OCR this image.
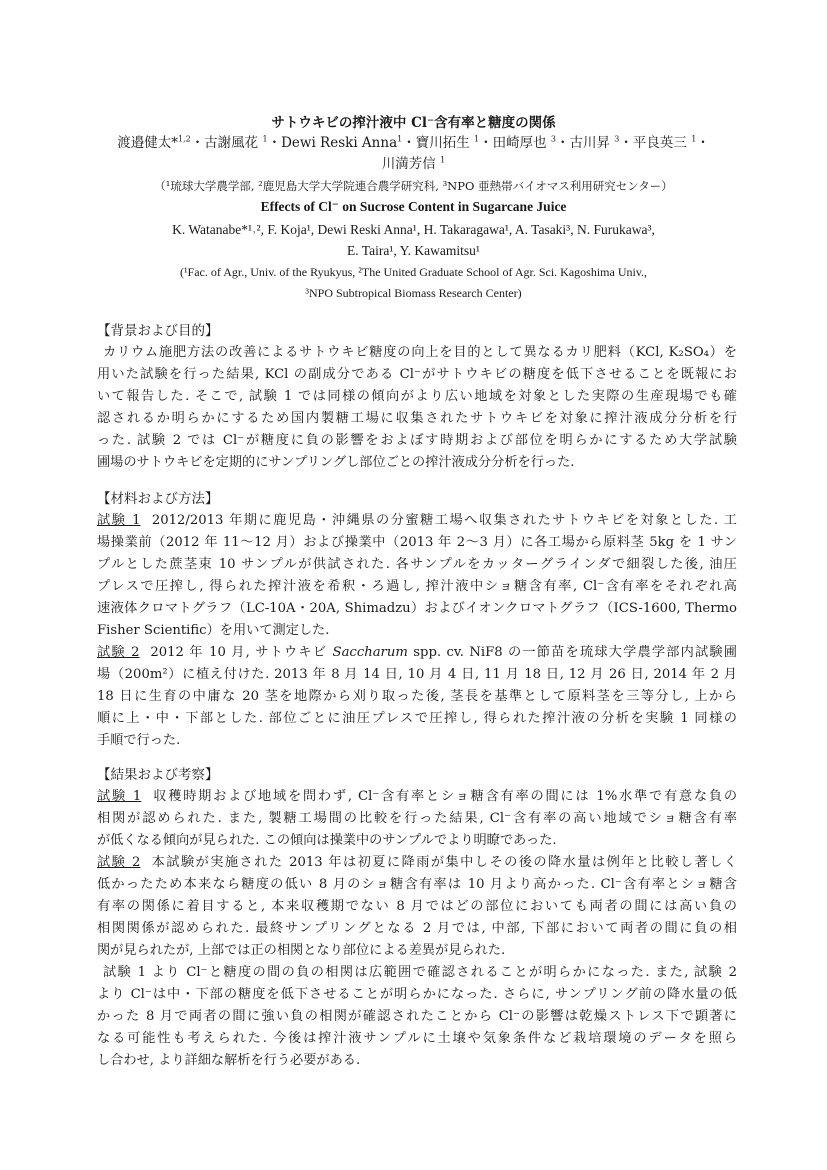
サトウキビの搾汁液中 Cl⁻含有率と糖度の関係
渡邉健太*$^{1,2}$・古謝風花 $^1$・Dewi Reski Anna$^1$・寶川拓生 $^1$・田崎厚也 $^3$・古川昇 $^3$・平良英三 $^1$・
川満芳信 $^1$
（¹琉球大学農学部, ²鹿児島大学大学院連合農学研究科, ³NPO 亜熱帯バイオマス利用研究センター）
Effects of Cl⁻ on Sucrose Content in Sugarcane Juice
K. Watanabe*¹˒², F. Koja¹, Dewi Reski Anna¹, H. Takaragawa¹, A. Tasaki³, N. Furukawa³,
E. Taira¹, Y. Kawamitsu¹
(¹Fac. of Agr., Univ. of the Ryukyus, ²The United Graduate School of Agr. Sci. Kagoshima Univ.,
³NPO Subtropical Biomass Research Center)
【背景および目的】
カリウム施肥方法の改善によるサトウキビ糖度の向上を目的として異なるカリ肥料（KCl, K₂SO₄）を
用いた試験を行った結果, KCl の副成分である Cl⁻がサトウキビの糖度を低下させることを既報にお
いて報告した. そこで, 試験 1 では同様の傾向がより広い地域を対象とした実際の生産現場でも確
認されるか明らかにするため国内製糖工場に収集されたサトウキビを対象に搾汁液成分分析を行
った. 試験 2 では Cl⁻が糖度に負の影響をおよぼす時期および部位を明らかにするため大学試験
圃場のサトウキビを定期的にサンプリングし部位ごとの搾汁液成分分析を行った.
【材料および方法】
試験 1 2012/2013 年期に鹿児島・沖縄県の分蜜糖工場へ収集されたサトウキビを対象とした. 工
場操業前（2012 年 11～12 月）および操業中（2013 年 2～3 月）に各工場から原料茎 5kg を 1 サン
プルとした蔗茎束 10 サンプルが供試された. 各サンプルをカッターグラインダで細裂した後, 油圧
プレスで圧搾し, 得られた搾汁液を希釈・ろ過し, 搾汁液中ショ糖含有率, Cl⁻含有率をそれぞれ高
速液体クロマトグラフ（LC-10A・20A, Shimadzu）およびイオンクロマトグラフ（ICS-1600, Thermo
Fisher Scientific）を用いて測定した.
試験 2 2012 年 10 月, サトウキビ Saccharum spp. cv. NiF8 の一節苗を琉球大学農学部内試験圃
場（200m²）に植え付けた. 2013 年 8 月 14 日, 10 月 4 日, 11 月 18 日, 12 月 26 日, 2014 年 2 月
18 日に生育の中庸な 20 茎を地際から刈り取った後, 茎長を基準として原料茎を三等分し, 上から
順に上・中・下部とした. 部位ごとに油圧プレスで圧搾し, 得られた搾汁液の分析を実験 1 同様の
手順で行った.
【結果および考察】
試験 1 収穫時期および地域を問わず, Cl⁻含有率とショ糖含有率の間には 1%水準で有意な負の
相関が認められた. また, 製糖工場間の比較を行った結果, Cl⁻含有率の高い地域でショ糖含有率
が低くなる傾向が見られた. この傾向は操業中のサンプルでより明瞭であった.
試験 2 本試験が実施された 2013 年は初夏に降雨が集中しその後の降水量は例年と比較し著しく
低かったため本来なら糖度の低い 8 月のショ糖含有率は 10 月より高かった. Cl⁻含有率とショ糖含
有率の関係に着目すると, 本来収穫期でない 8 月ではどの部位においても両者の間には高い負の
相関関係が認められた. 最終サンプリングとなる 2 月では, 中部, 下部において両者の間に負の相
関が見られたが, 上部では正の相関となり部位による差異が見られた.
試験 1 より Cl⁻と糖度の間の負の相関は広範囲で確認されることが明らかになった. また, 試験 2
より Cl⁻は中・下部の糖度を低下させることが明らかになった. さらに, サンプリング前の降水量の低
かった 8 月で両者の間に強い負の相関が確認されたことから Cl⁻の影響は乾燥ストレス下で顕著に
なる可能性も考えられた. 今後は搾汁液サンプルに土壌や気象条件など栽培環境のデータを照ら
し合わせ, より詳細な解析を行う必要がある.
